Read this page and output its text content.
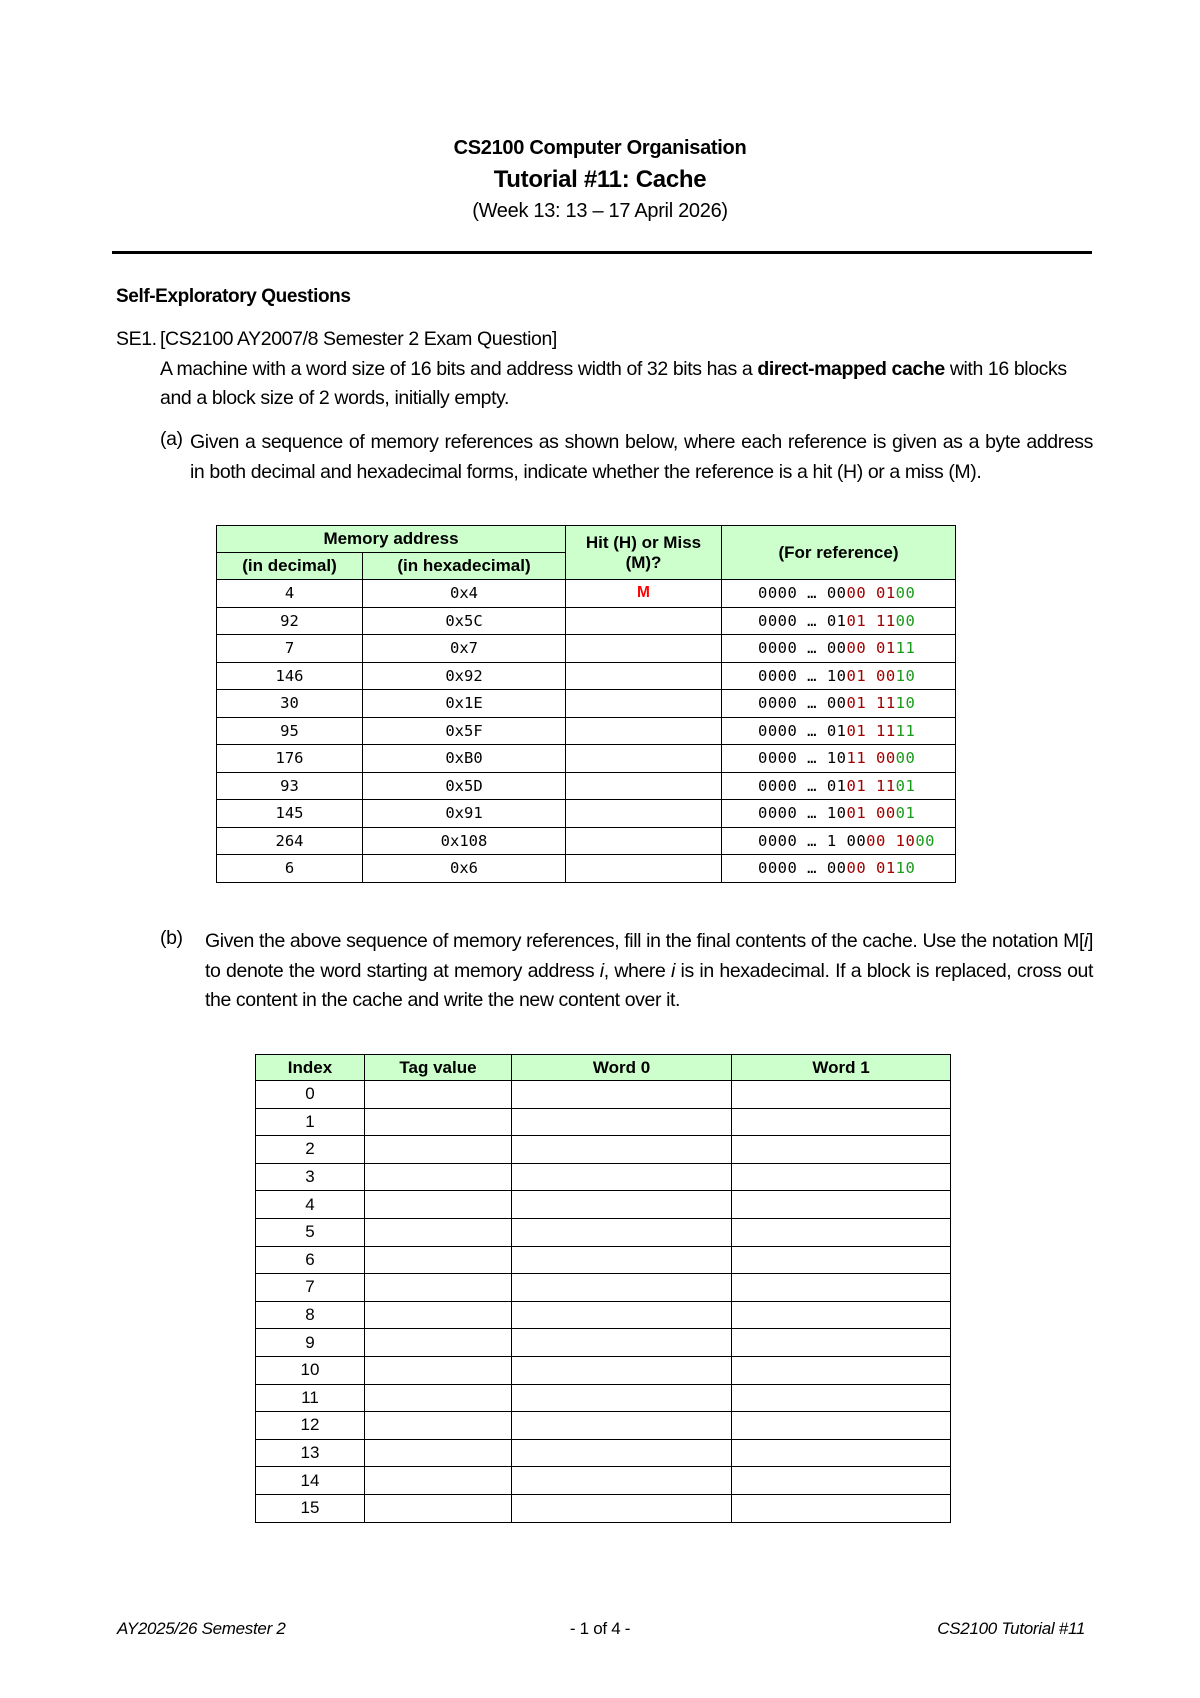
CS2100 Computer Organisation
Tutorial #11: Cache
(Week 13: 13 – 17 April 2026)
Self-Exploratory Questions
SE1. [CS2100 AY2007/8 Semester 2 Exam Question]
A machine with a word size of 16 bits and address width of 32 bits has a direct-mapped cache with 16 blocks and a block size of 2 words, initially empty.
(a) Given a sequence of memory references as shown below, where each reference is given as a byte address in both decimal and hexadecimal forms, indicate whether the reference is a hit (H) or a miss (M).
Memory address		Hit (H) or Miss (M)?	(For reference)
(in decimal)	(in hexadecimal)		
4	0x4	M	0000 … 0000 0100
92	0x5C		0000 … 0101 1100
7	0x7		0000 … 0000 0111
146	0x92		0000 … 1001 0010
30	0x1E		0000 … 0001 1110
95	0x5F		0000 … 0101 1111
176	0xB0		0000 … 1011 0000
93	0x5D		0000 … 0101 1101
145	0x91		0000 … 1001 0001
264	0x108		0000 … 1 0000 1000
6	0x6		0000 … 0000 0110
(b) Given the above sequence of memory references, fill in the final contents of the cache. Use the notation M[i] to denote the word starting at memory address i, where i is in hexadecimal. If a block is replaced, cross out the content in the cache and write the new content over it.
Index	Tag value	Word 0	Word 1
0			
1			
2			
3			
4			
5			
6			
7			
8			
9			
10			
11			
12			
13			
14			
15			
AY2025/26 Semester 2	- 1 of 4 -	CS2100 Tutorial #11
